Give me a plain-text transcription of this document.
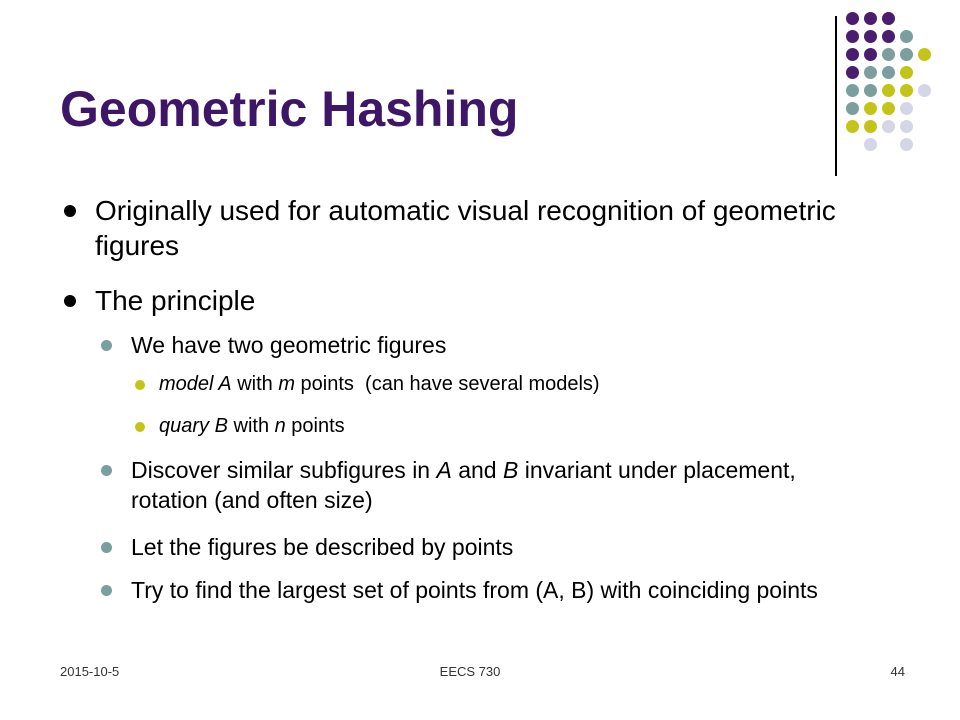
Geometric Hashing

Originally used for automatic visual recognition of geometric figures

The principle

We have two geometric figures

model A with m points  (can have several models)

quary B with n points

Discover similar subfigures in A and B invariant under placement, rotation (and often size)

Let the figures be described by points

Try to find the largest set of points from (A, B) with coinciding points

2015-10-5	EECS 730	44
